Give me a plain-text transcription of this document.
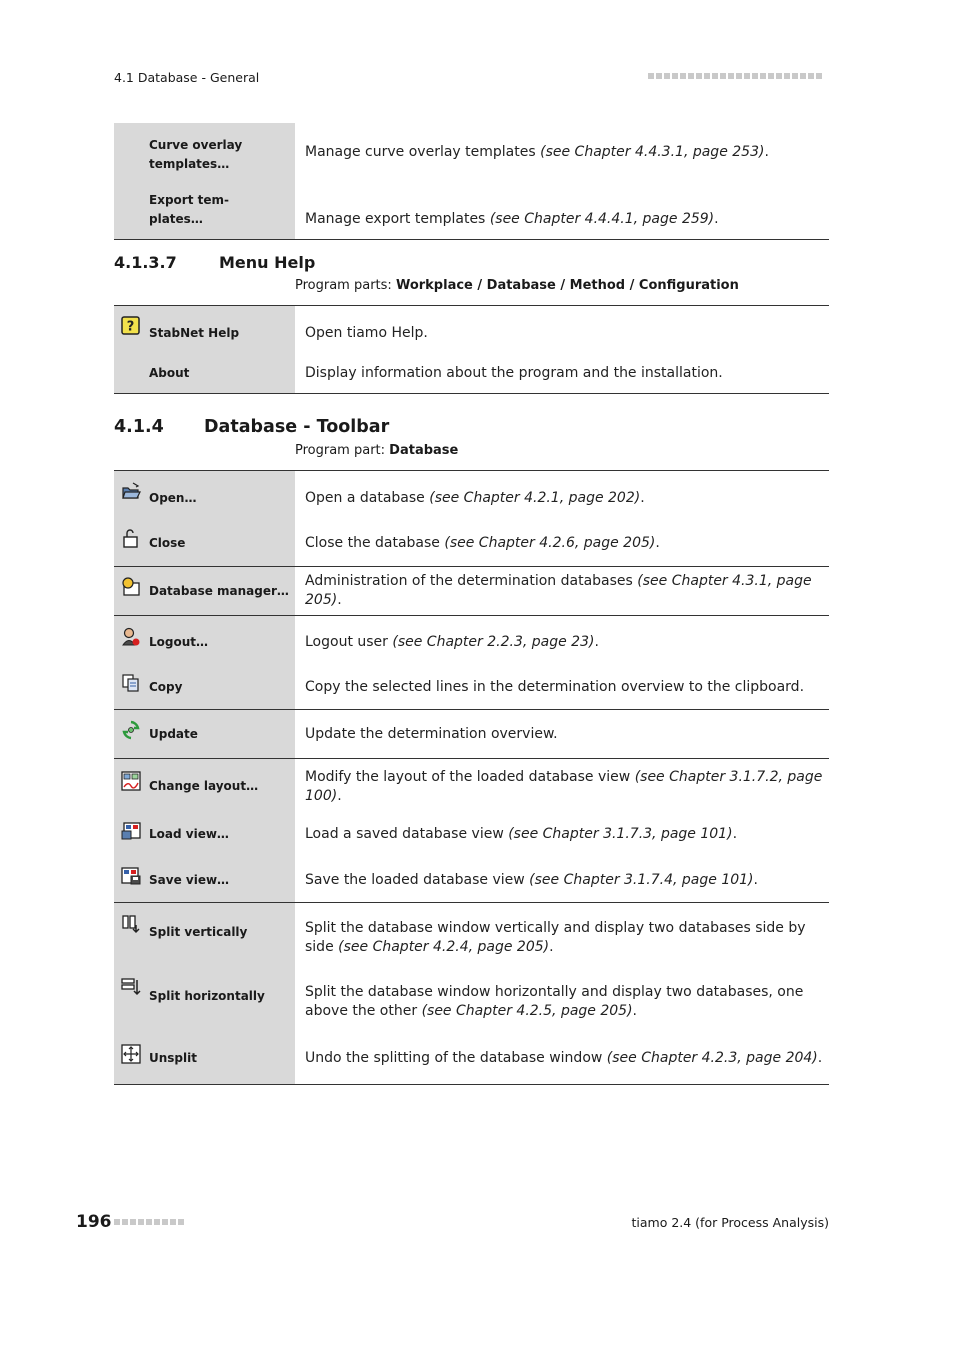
4.1 Database - General
Curve overlay
templates…	Manage curve overlay templates (see Chapter 4.4.3.1, page 253).

Export tem-
plates…	Manage export templates (see Chapter 4.4.4.1, page 259).
4.1.3.7	Menu Help
Program parts: Workplace / Database / Method / Configuration
? StabNet Help	Open tiamo Help.

About	Display information about the program and the installation.
4.1.4	Database - Toolbar
Program part: Database
Open…	Open a database (see Chapter 4.2.1, page 202).

Close	Close the database (see Chapter 4.2.6, page 205).

Database manager…	Administration of the determination databases (see Chapter 4.3.1, page 205).

Logout…	Logout user (see Chapter 2.2.3, page 23).

Copy	Copy the selected lines in the determination overview to the clipboard.

Update	Update the determination overview.

Change layout…	Modify the layout of the loaded database view (see Chapter 3.1.7.2, page 100).

Load view…	Load a saved database view (see Chapter 3.1.7.3, page 101).

Save view…	Save the loaded database view (see Chapter 3.1.7.4, page 101).

Split vertically	Split the database window vertically and display two databases side by side (see Chapter 4.2.4, page 205).

Split horizontally	Split the database window horizontally and display two databases, one above the other (see Chapter 4.2.5, page 205).

Unsplit	Undo the splitting of the database window (see Chapter 4.2.3, page 204).
196	tiamo 2.4 (for Process Analysis)
